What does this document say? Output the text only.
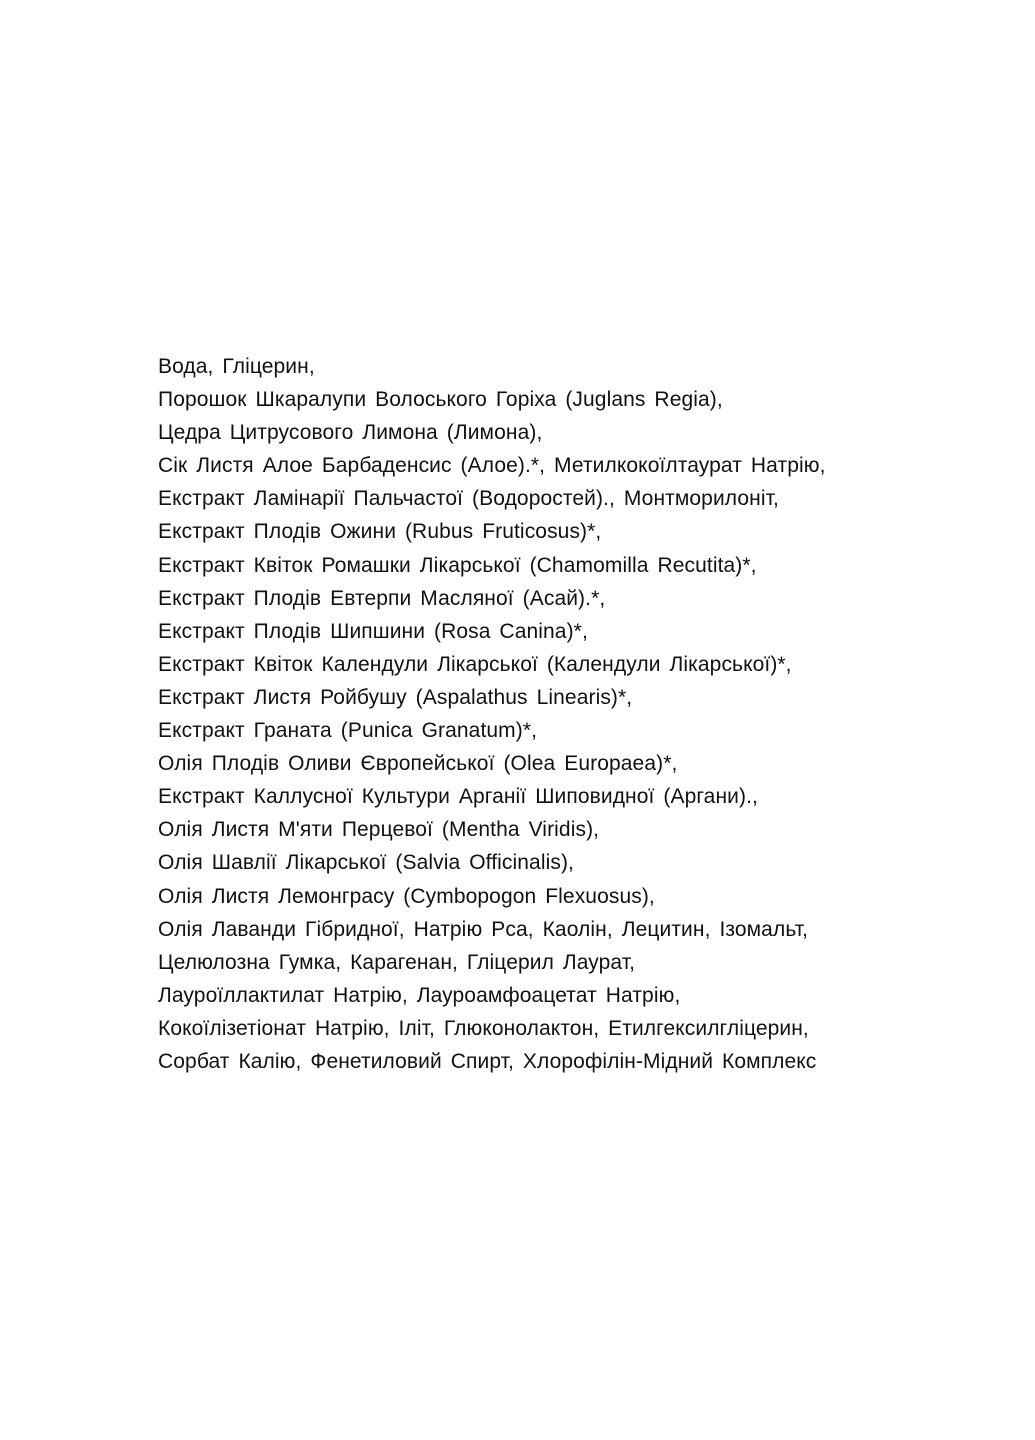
Вода, Гліцерин,
Порошок Шкаралупи Волоського Горіха (Juglans Regia),
Цедра Цитрусового Лимона (Лимона),
Сік Листя Алое Барбаденсис (Алое).*, Метилкокоїлтаурат Натрію,
Екстракт Ламінарії Пальчастої (Водоростей)., Монтморилоніт,
Екстракт Плодів Ожини (Rubus Fruticosus)*,
Екстракт Квіток Ромашки Лікарської (Chamomilla Recutita)*,
Екстракт Плодів Евтерпи Масляної (Асай).*,
Екстракт Плодів Шипшини (Rosa Canina)*,
Екстракт Квіток Календули Лікарської (Календули Лікарської)*,
Екстракт Листя Ройбушу (Aspalathus Linearis)*,
Екстракт Граната (Punica Granatum)*,
Олія Плодів Оливи Європейської (Olea Europaea)*,
Екстракт Каллусної Культури Арганії Шиповидної (Аргани).,
Олія Листя М'яти Перцевої (Mentha Viridis),
Олія Шавлії Лікарської (Salvia Officinalis),
Олія Листя Лемонграсу (Cymbopogon Flexuosus),
Олія Лаванди Гібридної, Натрію Pca, Каолін, Лецитин, Ізомальт,
Целюлозна Гумка, Карагенан, Гліцерил Лаурат,
Лауроїллактилат Натрію, Лауроамфоацетат Натрію,
Кокоїлізетіонат Натрію, Іліт, Глюконолактон, Етилгексилгліцерин,
Сорбат Калію, Фенетиловий Спирт, Хлорофілін-Мідний Комплекс
